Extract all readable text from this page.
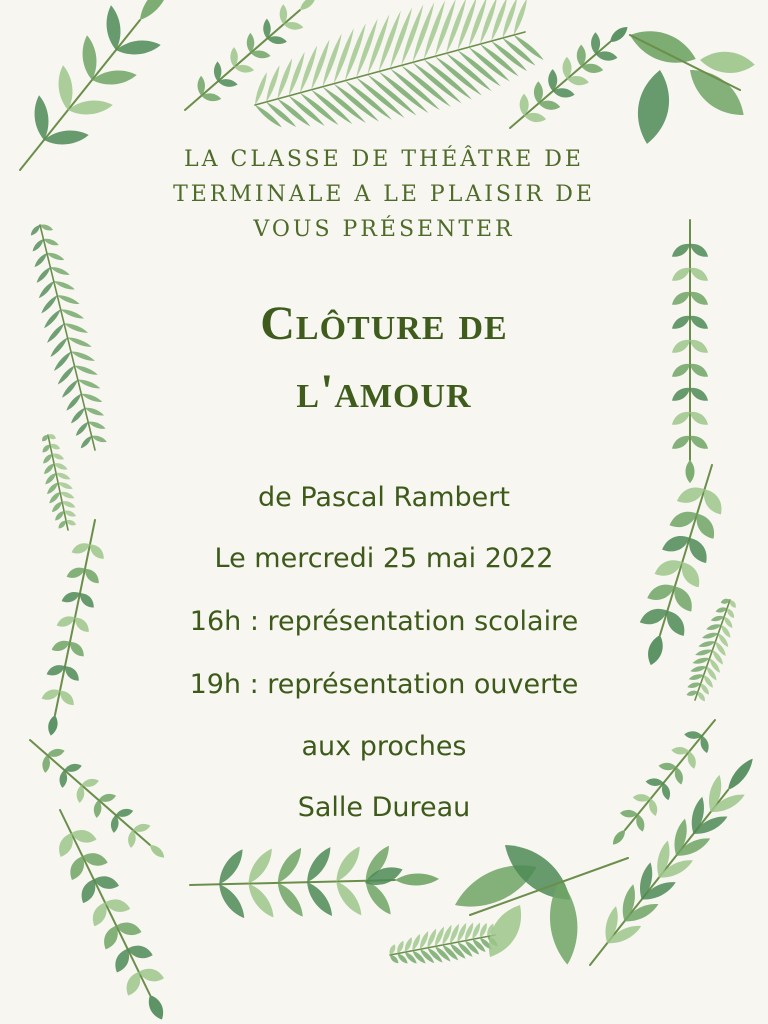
LA CLASSE DE THÉÂTRE DE
TERMINALE A LE PLAISIR DE
VOUS PRÉSENTER
Clôture de
l'amour
de Pascal Rambert
Le mercredi 25 mai 2022
16h : représentation scolaire
19h : représentation ouverte
aux proches
Salle Dureau
